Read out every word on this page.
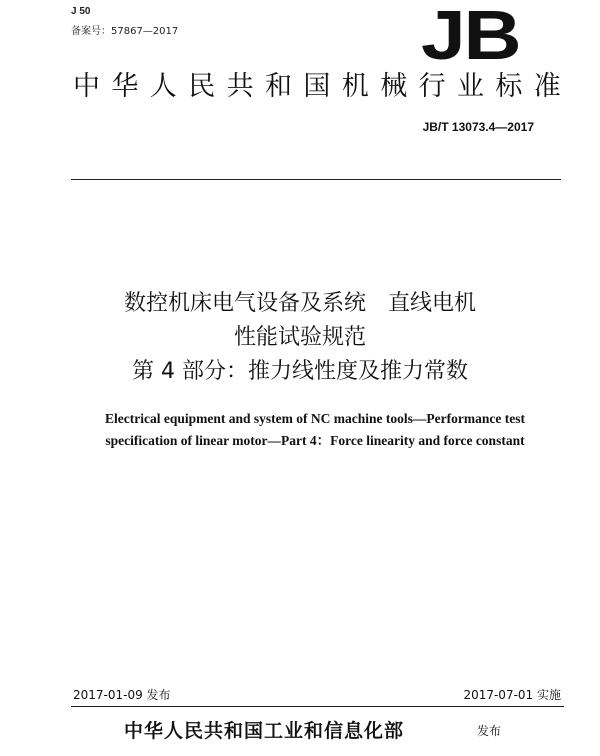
J 50
备案号：57867—2017	JB
中华人民共和国机械行业标准
JB/T 13073.4—2017
数控机床电气设备及系统　直线电机
性能试验规范
第 4 部分：推力线性度及推力常数
Electrical equipment and system of NC machine tools—Performance test
specification of linear motor—Part 4：Force linearity and force constant
2017-01-09 发布	2017-07-01 实施
中华人民共和国工业和信息化部	发布
